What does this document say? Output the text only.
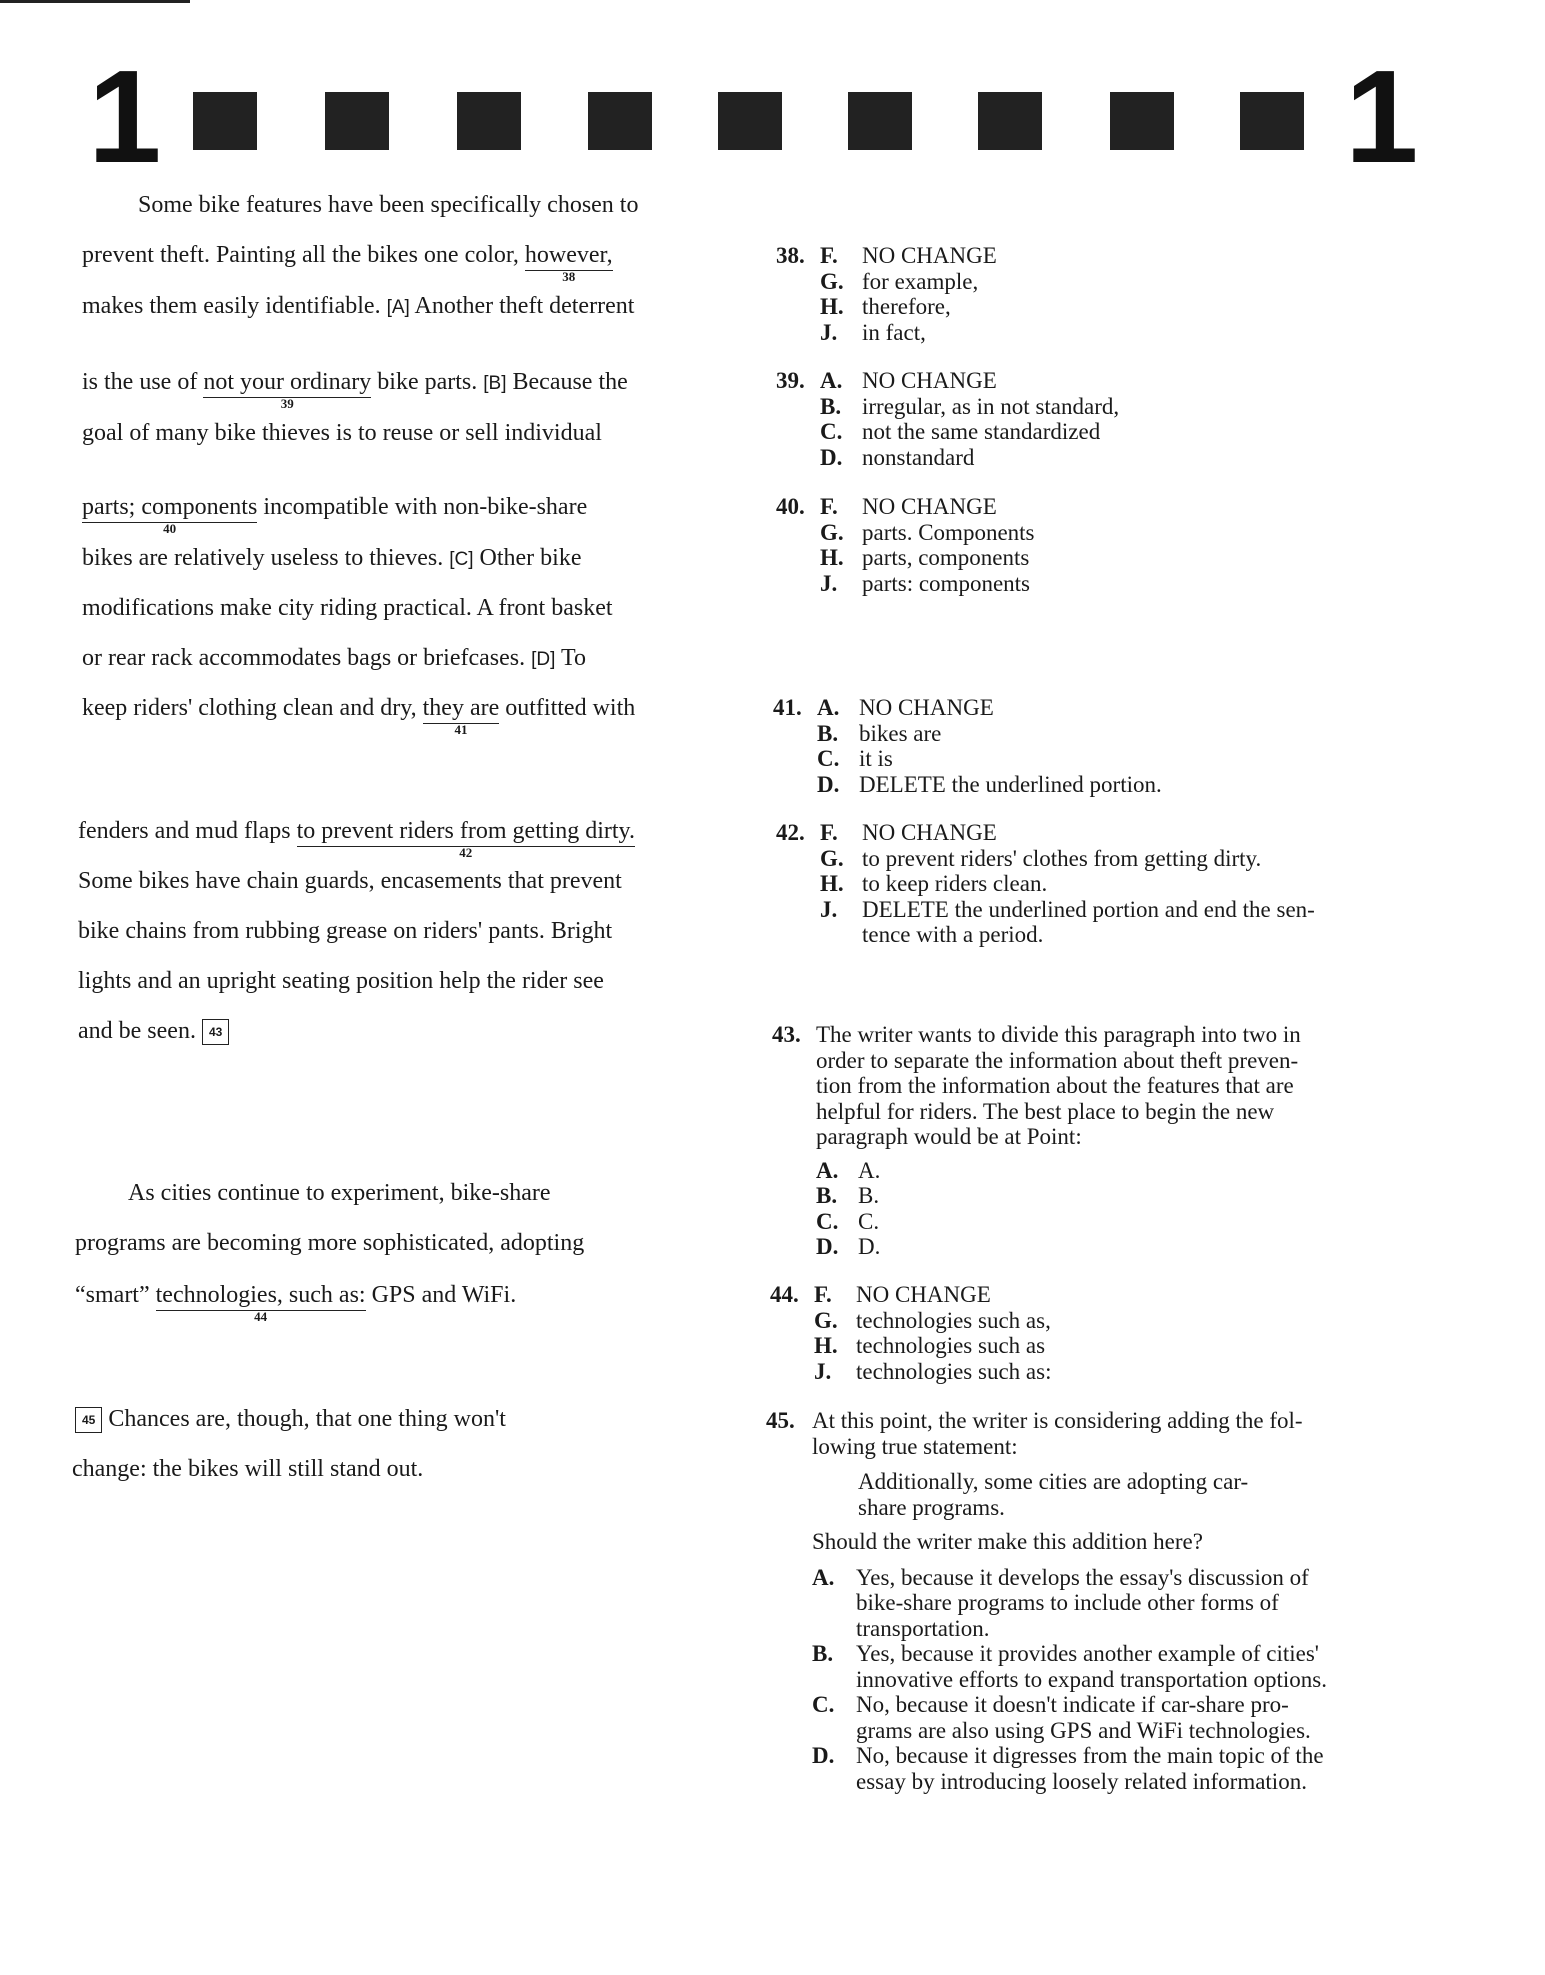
1	1
Some bike features have been specifically chosen to
prevent theft. Painting all the bikes one color, however,
38
makes them easily identifiable. [A] Another theft deterrent
is the use of not your ordinary
39
bike parts. [B] Because the
goal of many bike thieves is to reuse or sell individual
parts; components
40
incompatible with non-bike-share
bikes are relatively useless to thieves. [C] Other bike
modifications make city riding practical. A front basket
or rear rack accommodates bags or briefcases. [D] To
keep riders' clothing clean and dry, they are
41
outfitted with
fenders and mud flaps to prevent riders from getting dirty.
42
Some bikes have chain guards, encasements that prevent
bike chains from rubbing grease on riders' pants. Bright
lights and an upright seating position help the rider see
and be seen. 43
As cities continue to experiment, bike-share
programs are becoming more sophisticated, adopting
“smart” technologies, such as:
44
GPS and WiFi.
45 Chances are, though, that one thing won't
change: the bikes will still stand out.
38. F. NO CHANGE
G. for example,
H. therefore,
J. in fact,
39. A. NO CHANGE
B. irregular, as in not standard,
C. not the same standardized
D. nonstandard
40. F. NO CHANGE
G. parts. Components
H. parts, components
J. parts: components
41. A. NO CHANGE
B. bikes are
C. it is
D. DELETE the underlined portion.
42. F. NO CHANGE
G. to prevent riders' clothes from getting dirty.
H. to keep riders clean.
J. DELETE the underlined portion and end the sen-
tence with a period.
43. The writer wants to divide this paragraph into two in
order to separate the information about theft preven-
tion from the information about the features that are
helpful for riders. The best place to begin the new
paragraph would be at Point:
A. A.
B. B.
C. C.
D. D.
44. F. NO CHANGE
G. technologies such as,
H. technologies such as
J. technologies such as:
45. At this point, the writer is considering adding the fol-
lowing true statement:
Additionally, some cities are adopting car-
share programs.
Should the writer make this addition here?
A. Yes, because it develops the essay's discussion of
bike-share programs to include other forms of
transportation.
B. Yes, because it provides another example of cities'
innovative efforts to expand transportation options.
C. No, because it doesn't indicate if car-share pro-
grams are also using GPS and WiFi technologies.
D. No, because it digresses from the main topic of the
essay by introducing loosely related information.
